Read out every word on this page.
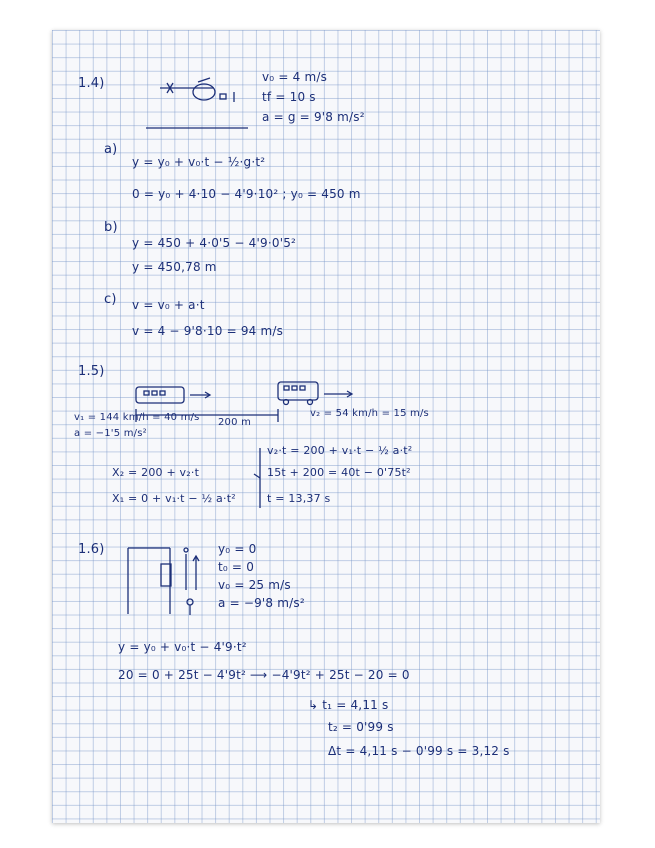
1.4)	v₀ = 4 m/s
tf = 10 s
a = g = 9'8 m/s²
a)
y = y₀ + v₀·t − ½·g·t²
0 = y₀ + 4·10 − 4'9·10² ; y₀ = 450 m
b)
y = 450 + 4·0'5 − 4'9·0'5²
y = 450,78 m
c) v = v₀ + a·t
v = 4 − 9'8·10 = 94 m/s
1.5)
v₁ = 144 km/h = 40 m/s
a = −1'5 m/s²
200 m
v₂ = 54 km/h = 15 m/s
X₂ = 200 + v₂·t
X₁ = 0 + v₁·t − ½ a·t²
v₂·t = 200 + v₁·t − ½ a·t²
15t + 200 = 40t − 0'75t²
t = 13,37 s
1.6)	y₀ = 0
t₀ = 0
v₀ = 25 m/s
a = −9'8 m/s²
y = y₀ + v₀·t − 4'9·t²
20 = 0 + 25t − 4'9t² ⟶ −4'9t² + 25t − 20 = 0
↳ t₁ = 4,11 s
t₂ = 0'99 s
Δt = 4,11 s − 0'99 s = 3,12 s
